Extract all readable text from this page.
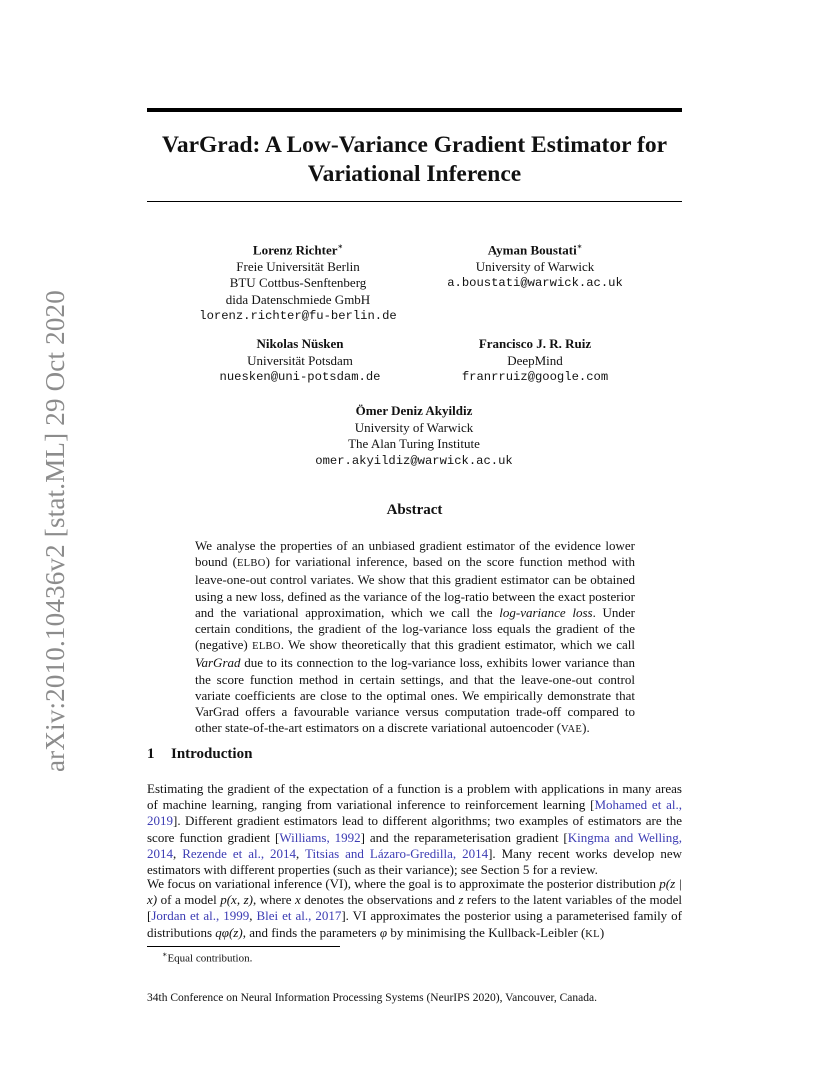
arXiv:2010.10436v2 [stat.ML] 29 Oct 2020
VarGrad: A Low-Variance Gradient Estimator for
Variational Inference
Lorenz Richter∗
Freie Universität Berlin
BTU Cottbus-Senftenberg
dida Datenschmiede GmbH
lorenz.richter@fu-berlin.de
Ayman Boustati∗
University of Warwick
a.boustati@warwick.ac.uk
Nikolas Nüsken
Universität Potsdam
nuesken@uni-potsdam.de
Francisco J. R. Ruiz
DeepMind
franrruiz@google.com
Ömer Deniz Akyildiz
University of Warwick
The Alan Turing Institute
omer.akyildiz@warwick.ac.uk
Abstract
We analyse the properties of an unbiased gradient estimator of the evidence lower bound (ELBO) for variational inference, based on the score function method with leave-one-out control variates. We show that this gradient estimator can be obtained using a new loss, defined as the variance of the log-ratio between the exact posterior and the variational approximation, which we call the log-variance loss. Under certain conditions, the gradient of the log-variance loss equals the gradient of the (negative) ELBO. We show theoretically that this gradient estimator, which we call VarGrad due to its connection to the log-variance loss, exhibits lower variance than the score function method in certain settings, and that the leave-one-out control variate coefficients are close to the optimal ones. We empirically demonstrate that VarGrad offers a favourable variance versus computation trade-off compared to other state-of-the-art estimators on a discrete variational autoencoder (VAE).
1 Introduction
Estimating the gradient of the expectation of a function is a problem with applications in many areas of machine learning, ranging from variational inference to reinforcement learning [Mohamed et al., 2019]. Different gradient estimators lead to different algorithms; two examples of estimators are the score function gradient [Williams, 1992] and the reparameterisation gradient [Kingma and Welling, 2014, Rezende et al., 2014, Titsias and Lázaro-Gredilla, 2014]. Many recent works develop new estimators with different properties (such as their variance); see Section 5 for a review.
We focus on variational inference (VI), where the goal is to approximate the posterior distribution p(z | x) of a model p(x, z), where x denotes the observations and z refers to the latent variables of the model [Jordan et al., 1999, Blei et al., 2017]. VI approximates the posterior using a parameterised family of distributions qφ(z), and finds the parameters φ by minimising the Kullback-Leibler (KL)
∗Equal contribution.
34th Conference on Neural Information Processing Systems (NeurIPS 2020), Vancouver, Canada.
